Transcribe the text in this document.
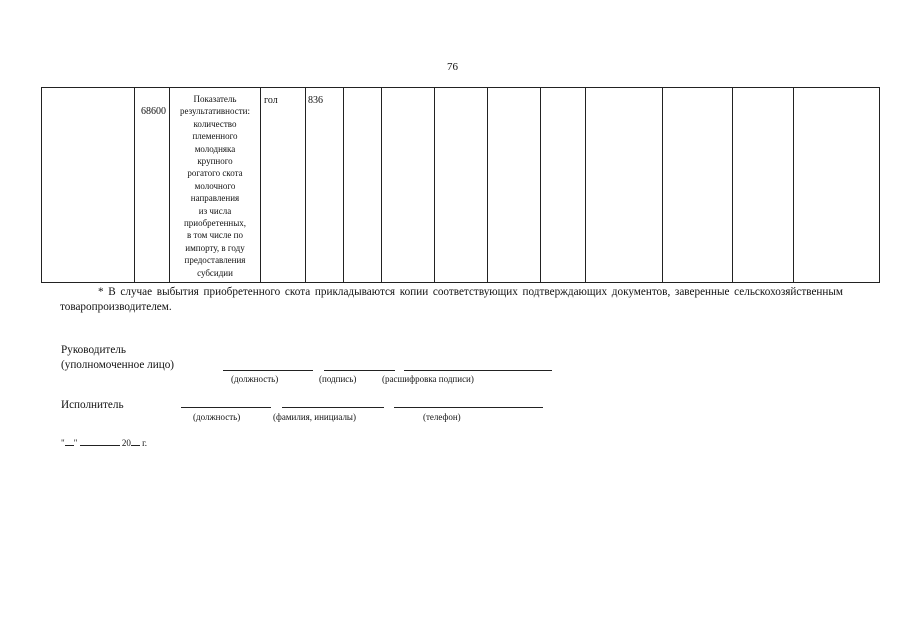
76
	68600	
Показатель
результативности:
количество
племенного
молодняка
крупного
рогатого скота
молочного
направления
из числа
приобретенных,
в том числе по
импорту, в году
предоставления
субсидии
	гол	836									
* В случае выбытия приобретенного скота прикладываются копии соответствующих подтверждающих документов, заверенные сельскохозяйственным товаропроизводителем.
Руководитель
(уполномоченное лицо)
(должность)	(подпись)	(расшифровка подписи)
Исполнитель
(должность)	(фамилия, инициалы)	(телефон)
" "	20 г.
